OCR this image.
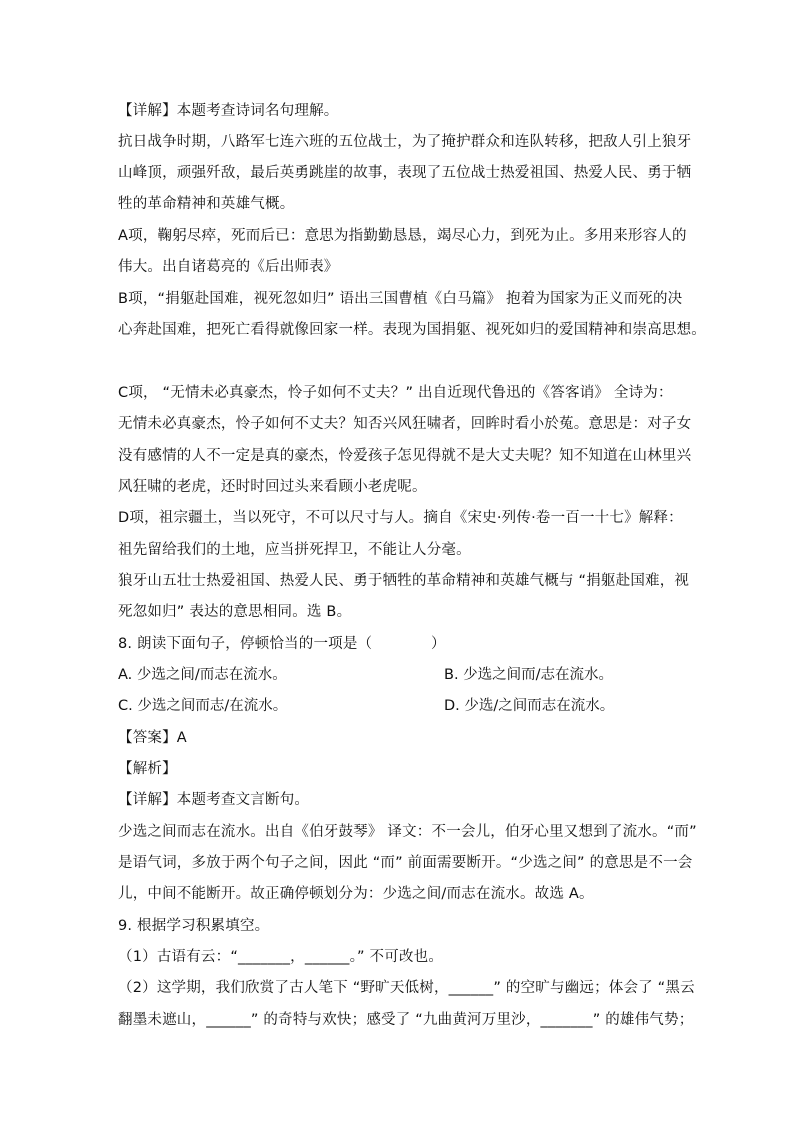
【详解】本题考查诗词名句理解。
抗日战争时期，八路军七连六班的五位战士，为了掩护群众和连队转移，把敌人引上狼牙
山峰顶，顽强歼敌，最后英勇跳崖的故事，表现了五位战士热爱祖国、热爱人民、勇于牺
牲的革命精神和英雄气概。
A项，鞠躬尽瘁，死而后已：意思为指勤勤恳恳，竭尽心力，到死为止。多用来形容人的
伟大。出自诸葛亮的《后出师表》
B项，“捐躯赴国难，视死忽如归” 语出三国曹植《白马篇》 抱着为国家为正义而死的决
心奔赴国难，把死亡看得就像回家一样。表现为国捐躯、视死如归的爱国精神和崇高思想。
C项， “无情未必真豪杰，怜子如何不丈夫？” 出自近现代鲁迅的《答客诮》 全诗为：
无情未必真豪杰，怜子如何不丈夫？知否兴风狂啸者，回眸时看小於菟。意思是：对子女
没有感情的人不一定是真的豪杰，怜爱孩子怎见得就不是大丈夫呢？知不知道在山林里兴
风狂啸的老虎，还时时回过头来看顾小老虎呢。
D项，祖宗疆土，当以死守，不可以尺寸与人。摘自《宋史·列传·卷一百一十七》解释：
祖先留给我们的土地，应当拼死捍卫，不能让人分毫。
狼牙山五壮士热爱祖国、热爱人民、勇于牺牲的革命精神和英雄气概与 “捐躯赴国难，视
死忽如归” 表达的意思相同。选 B。
8. 朗读下面句子，停顿恰当的一项是（　　　　）
A. 少选之间/而志在流水。	B. 少选之间而/志在流水。
C. 少选之间而志/在流水。	D. 少选/之间而志在流水。
【答案】A
【解析】
【详解】本题考查文言断句。
少选之间而志在流水。出自《伯牙鼓琴》 译文：不一会儿，伯牙心里又想到了流水。“而”
是语气词，多放于两个句子之间，因此 “而” 前面需要断开。“少选之间” 的意思是不一会
儿，中间不能断开。故正确停顿划分为：少选之间/而志在流水。故选 A。
9. 根据学习积累填空。
（1）古语有云：“_______，______。” 不可改也。
（2）这学期，我们欣赏了古人笔下 “野旷天低树，______” 的空旷与幽远；体会了 “黑云
翻墨未遮山，______” 的奇特与欢快；感受了 “九曲黄河万里沙，_______” 的雄伟气势；
